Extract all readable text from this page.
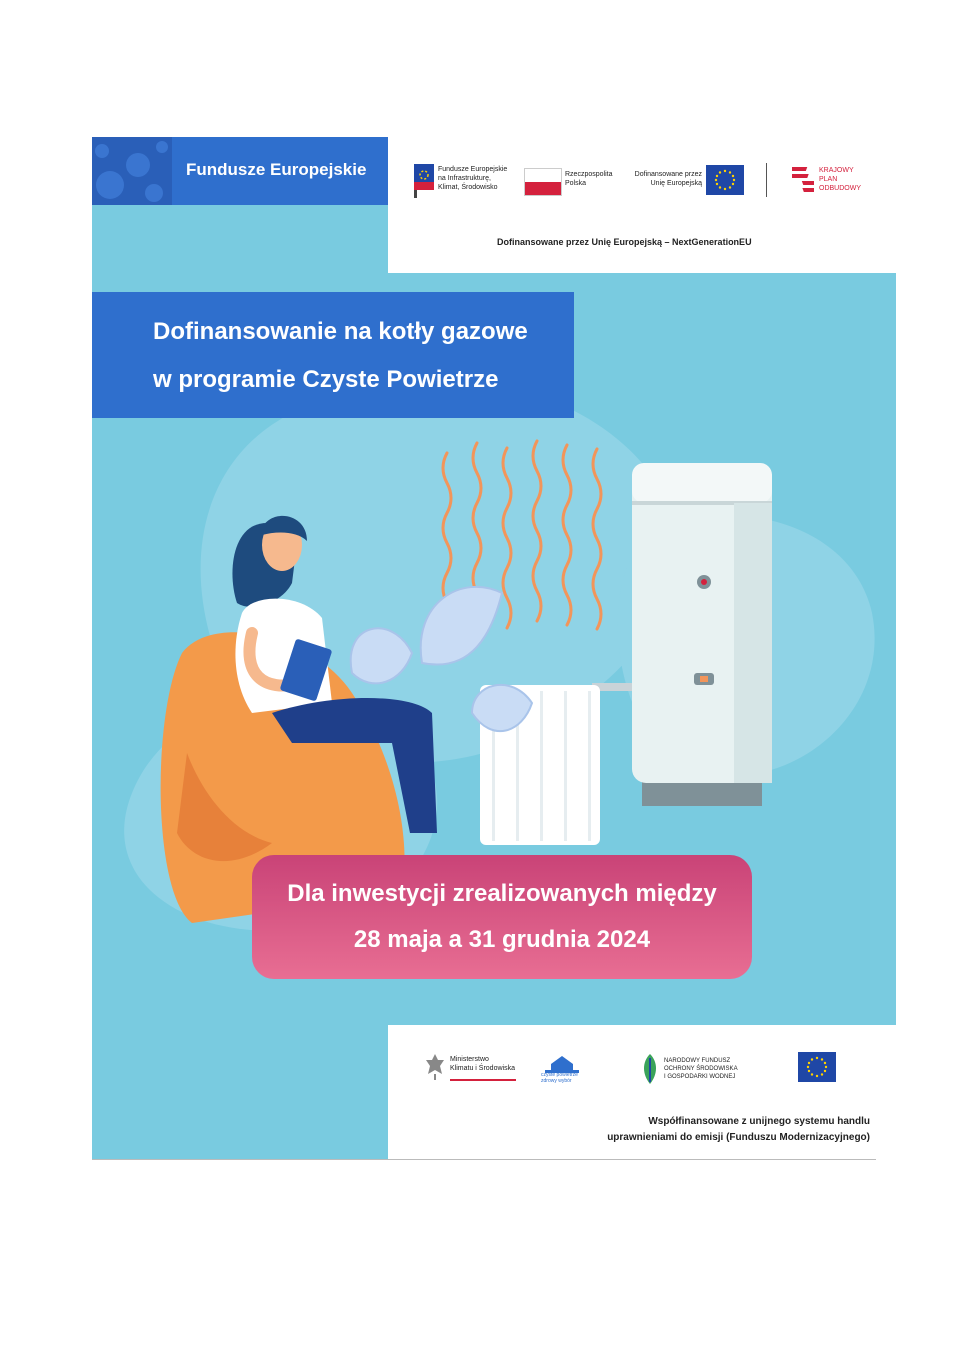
Fundusze Europejskie	Fundusze Europejskie
na Infrastrukturę,
Klimat, Środowisko
Rzeczpospolita
Polska
Dofinansowane przez
Unię Europejską
KRAJOWY
PLAN
ODBUDOWY
Dofinansowane przez Unię Europejską – NextGenerationEU
Dofinansowanie na kotły gazowe
w programie Czyste Powietrze
Dla inwestycji zrealizowanych między
28 maja a 31 grudnia 2024
Ministerstwo
Klimatu i Środowiska
czyste powietrze
zdrowy wybór
NARODOWY FUNDUSZ
OCHRONY ŚRODOWISKA
I GOSPODARKI WODNEJ
Współfinansowane z unijnego systemu handlu
uprawnieniami do emisji (Funduszu Modernizacyjnego)
